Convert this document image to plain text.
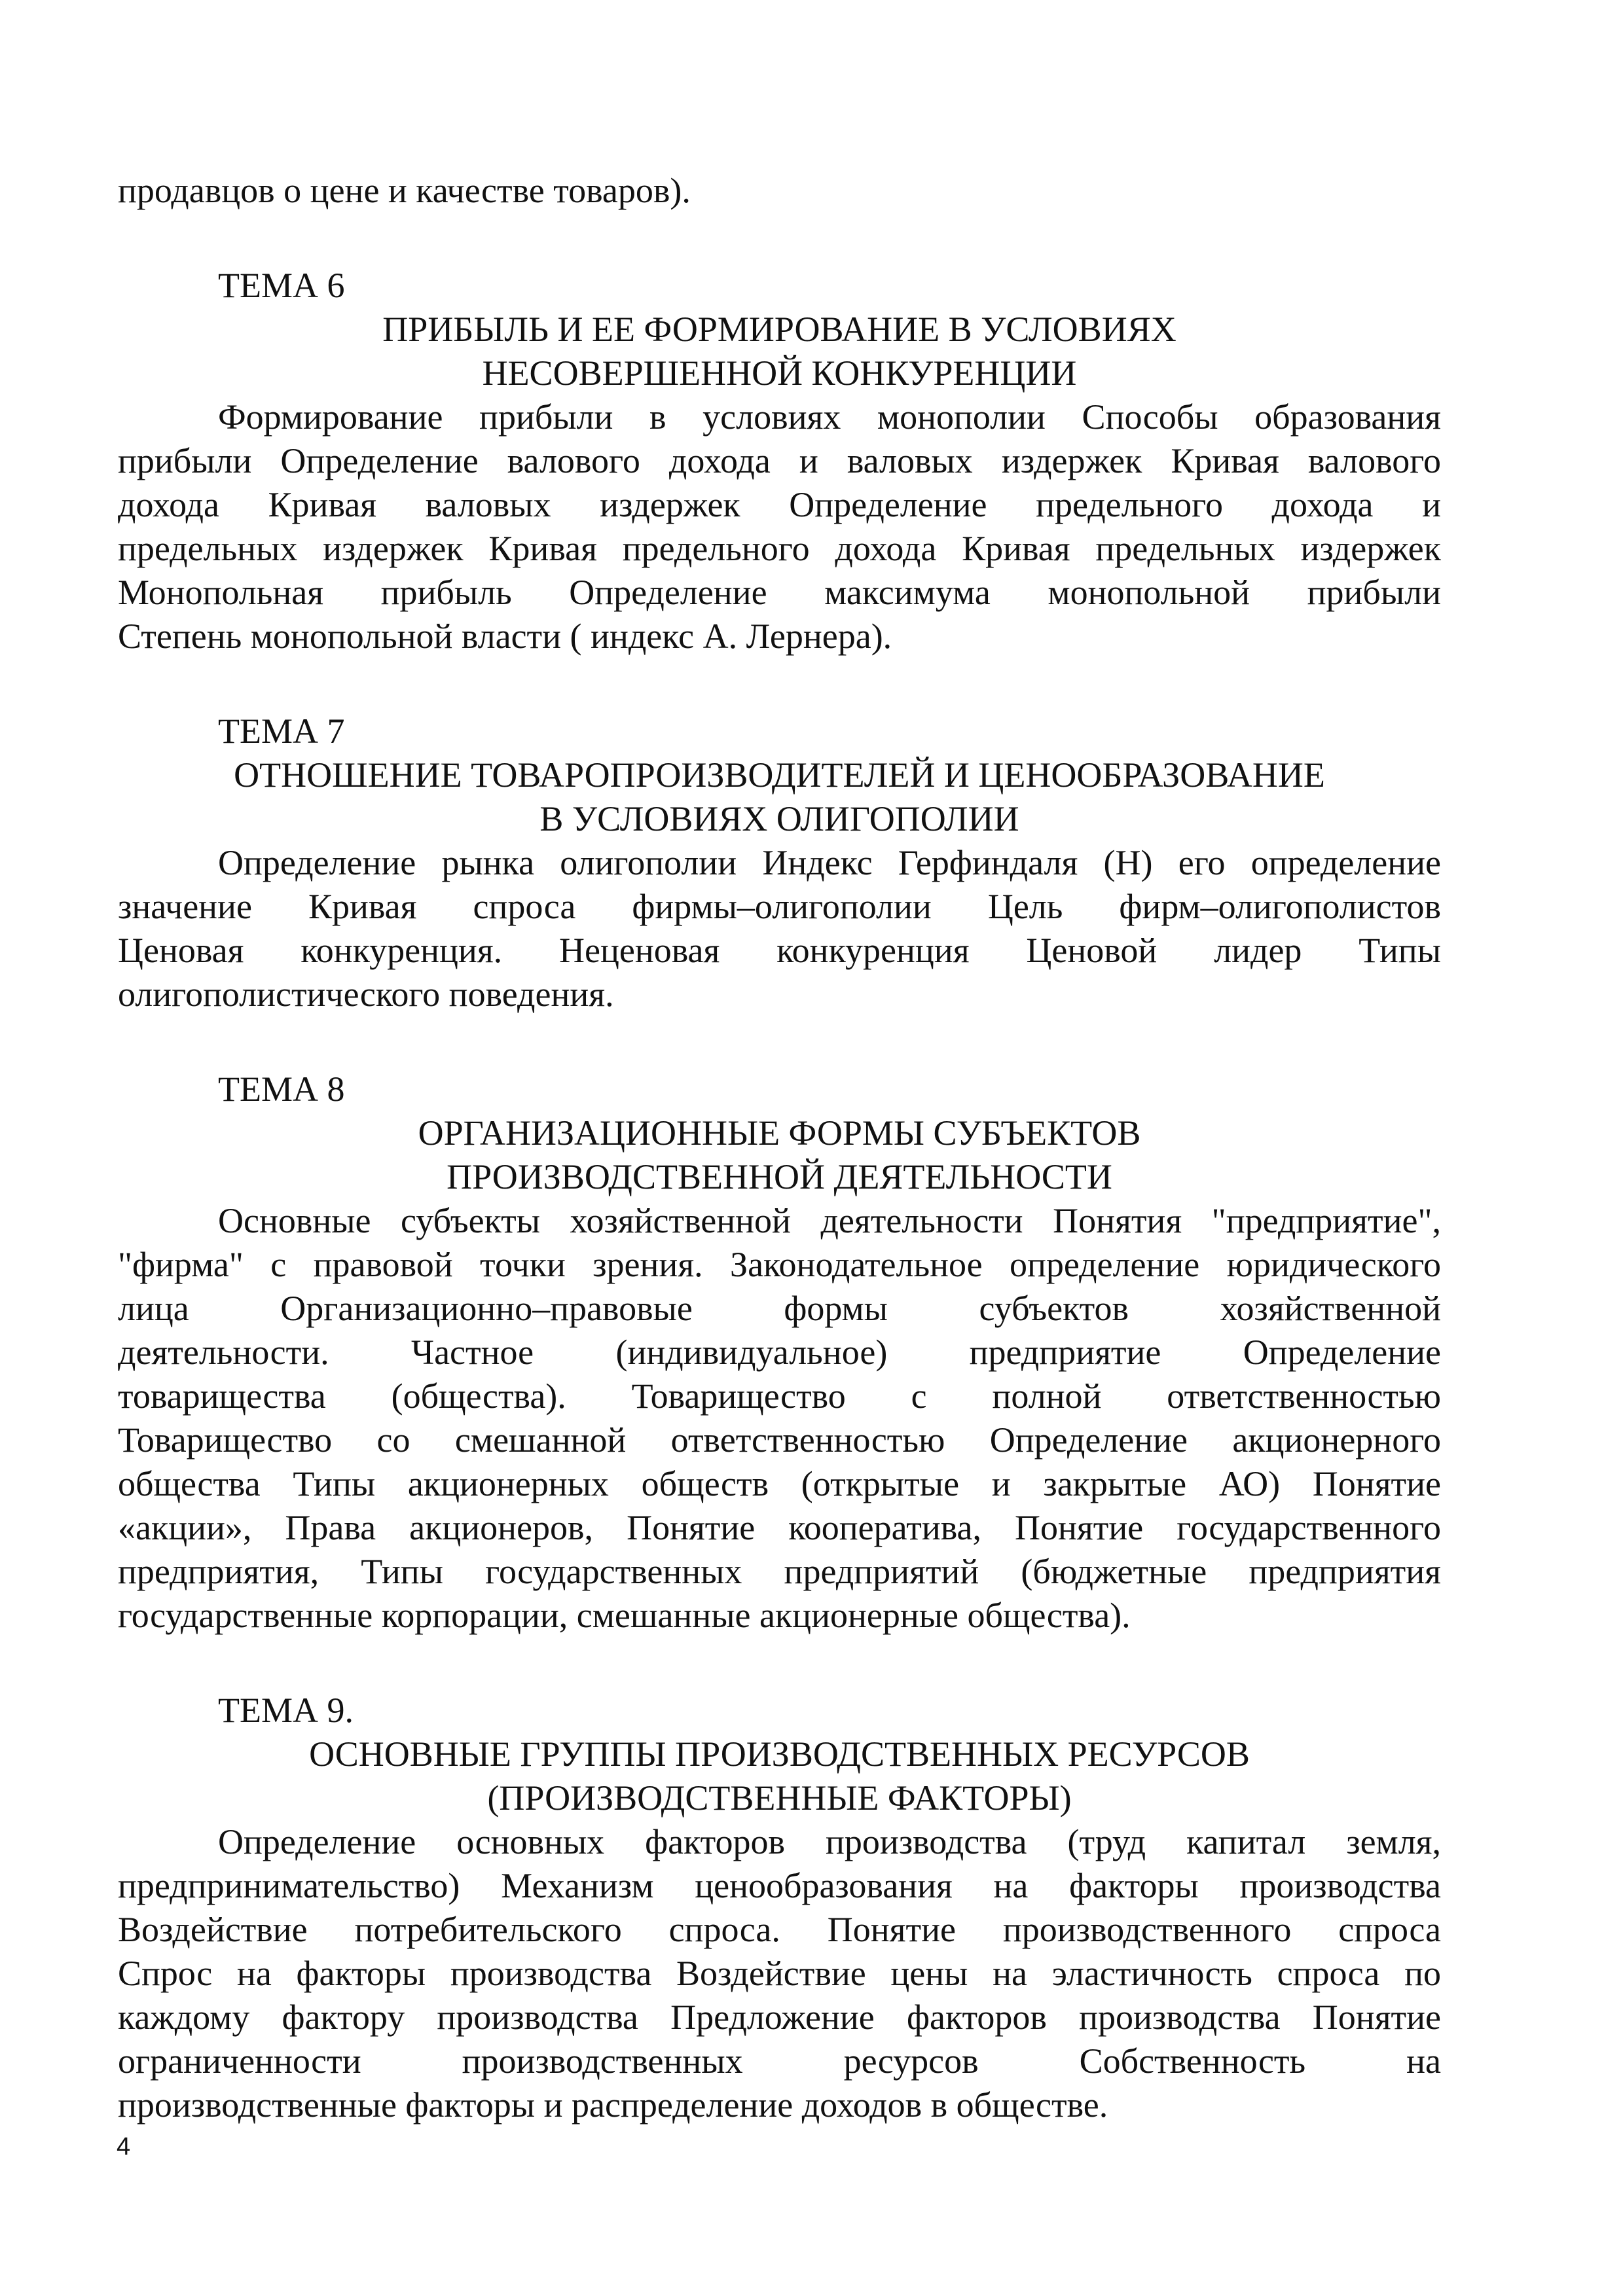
продавцов о цене и качестве товаров).
ТЕМА 6
ПРИБЫЛЬ И ЕЕ ФОРМИРОВАНИЕ В УСЛОВИЯХ
НЕСОВЕРШЕННОЙ КОНКУРЕНЦИИ
Формирование прибыли в условиях монополии Способы образования
прибыли Определение валового дохода и валовых издержек Кривая валового
дохода Кривая валовых издержек Определение предельного дохода и
предельных издержек Кривая предельного дохода Кривая предельных издержек
Монопольная прибыль Определение максимума монопольной прибыли
Степень монопольной власти ( индекс А. Лернера).
ТЕМА 7
ОТНОШЕНИЕ ТОВАРОПРОИЗВОДИТЕЛЕЙ И ЦЕНООБРАЗОВАНИЕ
В УСЛОВИЯХ ОЛИГОПОЛИИ
Определение рынка олигополии Индекс Герфиндаля (Н) его определение
значение Кривая спроса фирмы–олигополии Цель фирм–олигополистов
Ценовая конкуренция. Неценовая конкуренция Ценовой лидер Типы
олигополистического поведения.
ТЕМА 8
ОРГАНИЗАЦИОННЫЕ ФОРМЫ СУБЪЕКТОВ
ПРОИЗВОДСТВЕННОЙ ДЕЯТЕЛЬНОСТИ
Основные субъекты хозяйственной деятельности Понятия "предприятие",
"фирма" с правовой точки зрения. Законодательное определение юридического
лица Организационно–правовые формы субъектов хозяйственной
деятельности. Частное (индивидуальное) предприятие Определение
товарищества (общества). Товарищество с полной ответственностью
Товарищество со смешанной ответственностью Определение акционерного
общества Типы акционерных обществ (открытые и закрытые АО) Понятие
«акции», Права акционеров, Понятие кооператива, Понятие государственного
предприятия, Типы государственных предприятий (бюджетные предприятия
государственные корпорации, смешанные акционерные общества).
ТЕМА 9.
ОСНОВНЫЕ ГРУППЫ ПРОИЗВОДСТВЕННЫХ РЕСУРСОВ
(ПРОИЗВОДСТВЕННЫЕ ФАКТОРЫ)
Определение основных факторов производства (труд капитал земля,
предпринимательство) Механизм ценообразования на факторы производства
Воздействие потребительского спроса. Понятие производственного спроса
Спрос на факторы производства Воздействие цены на эластичность спроса по
каждому фактору производства Предложение факторов производства Понятие
ограниченности производственных ресурсов Собственность на
производственные факторы и распределение доходов в обществе.
4
